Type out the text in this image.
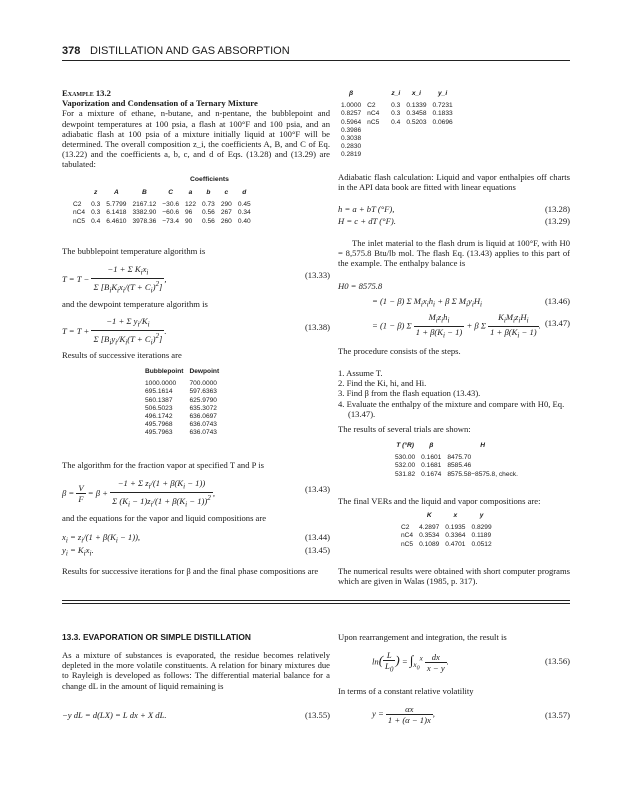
378 DISTILLATION AND GAS ABSORPTION

Example 13.2

Vaporization and Condensation of a Ternary Mixture

For a mixture of ethane, n-butane, and n-pentane, the bubblepoint and dewpoint temperatures at 100 psia, a flash at 100°F and 100 psia, and an adiabatic flash at 100 psia of a mixture initially liquid at 100°F will be determined. The overall composition z_i, the coefficients A, B, and C of Eq. (13.22) and the coefficients a, b, c, and d of Eqs. (13.28) and (13.29) are tabulated:

Coefficients
	z	A	B	C	a	b	c	d

C2	0.3	5.7799	2167.12	−30.6	122	0.73	290	0.45
nC4	0.3	6.1418	3382.90	−60.6	96	0.56	267	0.34
nC5	0.4	6.4610	3978.36	−73.4	90	0.56	260	0.40

The bubblepoint temperature algorithm is

$T = T - \frac{-1 + \Sigma K_ix_i}{\Sigma [B_iK_ix_i/(T + C_i)^2]}$ ,	(13.33)

and the dewpoint temperature algorithm is

$T = T + \frac{-1 + \Sigma y_i/K_i}{\Sigma [B_iy_i/K_i(T + C_i)^2]}$ .	(13.38)

Results of successive iterations are

Bubblepoint	Dewpoint

1000.0000	700.0000
695.1614	597.6363
560.1387	625.9790
506.5023	635.3072
496.1742	636.0697
495.7968	636.0743
495.7963	636.0743

The algorithm for the fraction vapor at specified T and P is

$\beta = \frac{V}{F} = \beta + \frac{-1 + \Sigma z_i/(1 + \beta(K_i - 1))}{\Sigma (K_i - 1)z_i/(1 + \beta(K_i - 1))^2}$ ,	(13.43)

and the equations for the vapor and liquid compositions are

$x_i = z_i/(1 + \beta(K_i - 1))$,	(13.44)
$y_i = K_ix_i$.	(13.45)

Results for successive iterations for β and the final phase compositions are

β		z_i	x_i	y_i

1.0000	C2	0.3	0.1339	0.7231
0.8257	nC4	0.3	0.3458	0.1833
0.5964	nC5	0.4	0.5203	0.0696
0.3986				
0.3038				
0.2830				
0.2819				

Adiabatic flash calculation: Liquid and vapor enthalpies off charts in the API data book are fitted with linear equations

h = a + bT (°F),	(13.28)
H = c + dT (°F).	(13.29)

The inlet material to the flash drum is liquid at 100°F, with H0 = 8,575.8 Btu/lb mol. The flash Eq. (13.43) applies to this part of the example. The enthalpy balance is

H0 = 8575.8
= (1 − β) Σ $M_ix_ih_i + \beta$ Σ $M_iy_iH_i$	(13.46)
= (1 − β) Σ $\frac{M_iz_ih_i}{1 + \beta(K_i - 1)} + \beta$ Σ $\frac{K_iM_iz_iH_i}{1 + \beta(K_i - 1)}$ . (13.47)

The procedure consists of the steps.

1. Assume T.

2. Find the Ki, hi, and Hi.

3. Find β from the flash equation (13.43).

4. Evaluate the enthalpy of the mixture and compare with H0, Eq. (13.47).

The results of several trials are shown:

T (°R)	β	H

530.00	0.1601	8475.70
532.00	0.1681	8585.46
531.82	0.1674	8575.58−8575.8, check.

The final VERs and the liquid and vapor compositions are:

	K	x	y

C2	4.2897	0.1935	0.8299
nC4	0.3534	0.3364	0.1189
nC5	0.1089	0.4701	0.0512

The numerical results were obtained with short computer programs which are given in Walas (1985, p. 317).

13.3. EVAPORATION OR SIMPLE DISTILLATION

As a mixture of substances is evaporated, the residue becomes relatively depleted in the more volatile constituents. A relation for binary mixtures due to Rayleigh is developed as follows: The differential material balance for a change dL in the amount of liquid remaining is

−y dL = d(LX) = L dx + X dL.	(13.55)

Upon rearrangement and integration, the result is

$\ln( \frac{L}{L_0}$ ) = $\int_{x_0}^x \frac{dx}{x - y}$ .	(13.56)

In terms of a constant relative volatility

$y = \frac{\alpha x}{1 + (\alpha - 1)x}$ ,	(13.57)
